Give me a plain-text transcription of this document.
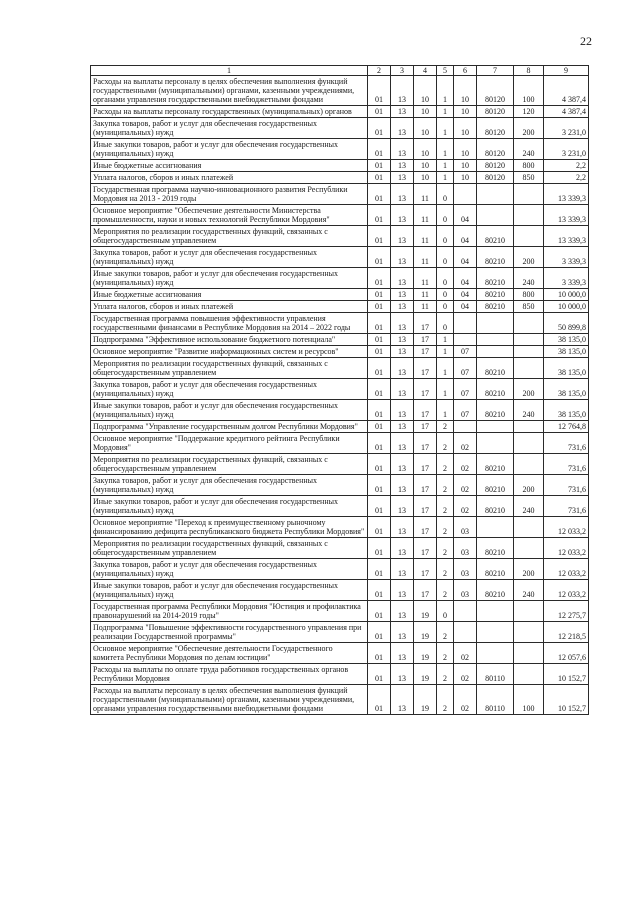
22
1	2	3	4	5	6	7	8	9
Расходы на выплаты персоналу в целях обеспечения выполнения функций государственными (муниципальными) органами, казенными учреждениями, органами управления государственными внебюджетными фондами	01	13	10	1	10	80120	100	4 387,4
Расходы на выплаты персоналу государственных (муниципальных) органов	01	13	10	1	10	80120	120	4 387,4
Закупка товаров, работ и услуг для обеспечения государственных (муниципальных) нужд	01	13	10	1	10	80120	200	3 231,0
Иные закупки товаров, работ и услуг для обеспечения государственных (муниципальных) нужд	01	13	10	1	10	80120	240	3 231,0
Иные бюджетные ассигнования	01	13	10	1	10	80120	800	2,2
Уплата налогов, сборов и иных платежей	01	13	10	1	10	80120	850	2,2
Государственная программа научно-инновационного развития Республики Мордовия на 2013 - 2019 годы	01	13	11	0				13 339,3
Основное мероприятие "Обеспечение деятельности Министерства промышленности, науки и новых технологий Республики Мордовия"	01	13	11	0	04			13 339,3
Мероприятия по реализации государственных функций, связанных с общегосударственным управлением	01	13	11	0	04	80210		13 339,3
Закупка товаров, работ и услуг для обеспечения государственных (муниципальных) нужд	01	13	11	0	04	80210	200	3 339,3
Иные закупки товаров, работ и услуг для обеспечения государственных (муниципальных) нужд	01	13	11	0	04	80210	240	3 339,3
Иные бюджетные ассигнования	01	13	11	0	04	80210	800	10 000,0
Уплата налогов, сборов и иных платежей	01	13	11	0	04	80210	850	10 000,0
Государственная программа повышения эффективности управления государственными финансами в Республике Мордовия на 2014 – 2022 годы	01	13	17	0				50 899,8
Подпрограмма "Эффективное использование бюджетного потенциала"	01	13	17	1				38 135,0
Основное мероприятие "Развитие информационных систем и ресурсов"	01	13	17	1	07			38 135,0
Мероприятия по реализации государственных функций, связанных с общегосударственным управлением	01	13	17	1	07	80210		38 135,0
Закупка товаров, работ и услуг для обеспечения государственных (муниципальных) нужд	01	13	17	1	07	80210	200	38 135,0
Иные закупки товаров, работ и услуг для обеспечения государственных (муниципальных) нужд	01	13	17	1	07	80210	240	38 135,0
Подпрограмма "Управление государственным долгом Республики Мордовия"	01	13	17	2				12 764,8
Основное мероприятие "Поддержание кредитного рейтинга Республики Мордовия"	01	13	17	2	02			731,6
Мероприятия по реализации государственных функций, связанных с общегосударственным управлением	01	13	17	2	02	80210		731,6
Закупка товаров, работ и услуг для обеспечения государственных (муниципальных) нужд	01	13	17	2	02	80210	200	731,6
Иные закупки товаров, работ и услуг для обеспечения государственных (муниципальных) нужд	01	13	17	2	02	80210	240	731,6
Основное мероприятие "Переход к преимущественному рыночному финансированию дефицита республиканского бюджета Республики Мордовия"	01	13	17	2	03			12 033,2
Мероприятия по реализации государственных функций, связанных с общегосударственным управлением	01	13	17	2	03	80210		12 033,2
Закупка товаров, работ и услуг для обеспечения государственных (муниципальных) нужд	01	13	17	2	03	80210	200	12 033,2
Иные закупки товаров, работ и услуг для обеспечения государственных (муниципальных) нужд	01	13	17	2	03	80210	240	12 033,2
Государственная программа Республики Мордовия "Юстиция и профилактика правонарушений на 2014-2019 годы"	01	13	19	0				12 275,7
Подпрограмма "Повышение эффективности государственного управления при реализации Государственной программы"	01	13	19	2				12 218,5
Основное мероприятие "Обеспечение деятельности Государственного комитета Республики Мордовия по делам юстиции"	01	13	19	2	02			12 057,6
Расходы на выплаты по оплате труда работников государственных органов Республики Мордовия	01	13	19	2	02	80110		10 152,7
Расходы на выплаты персоналу в целях обеспечения выполнения функций государственными (муниципальными) органами, казенными учреждениями, органами управления государственными внебюджетными фондами	01	13	19	2	02	80110	100	10 152,7
